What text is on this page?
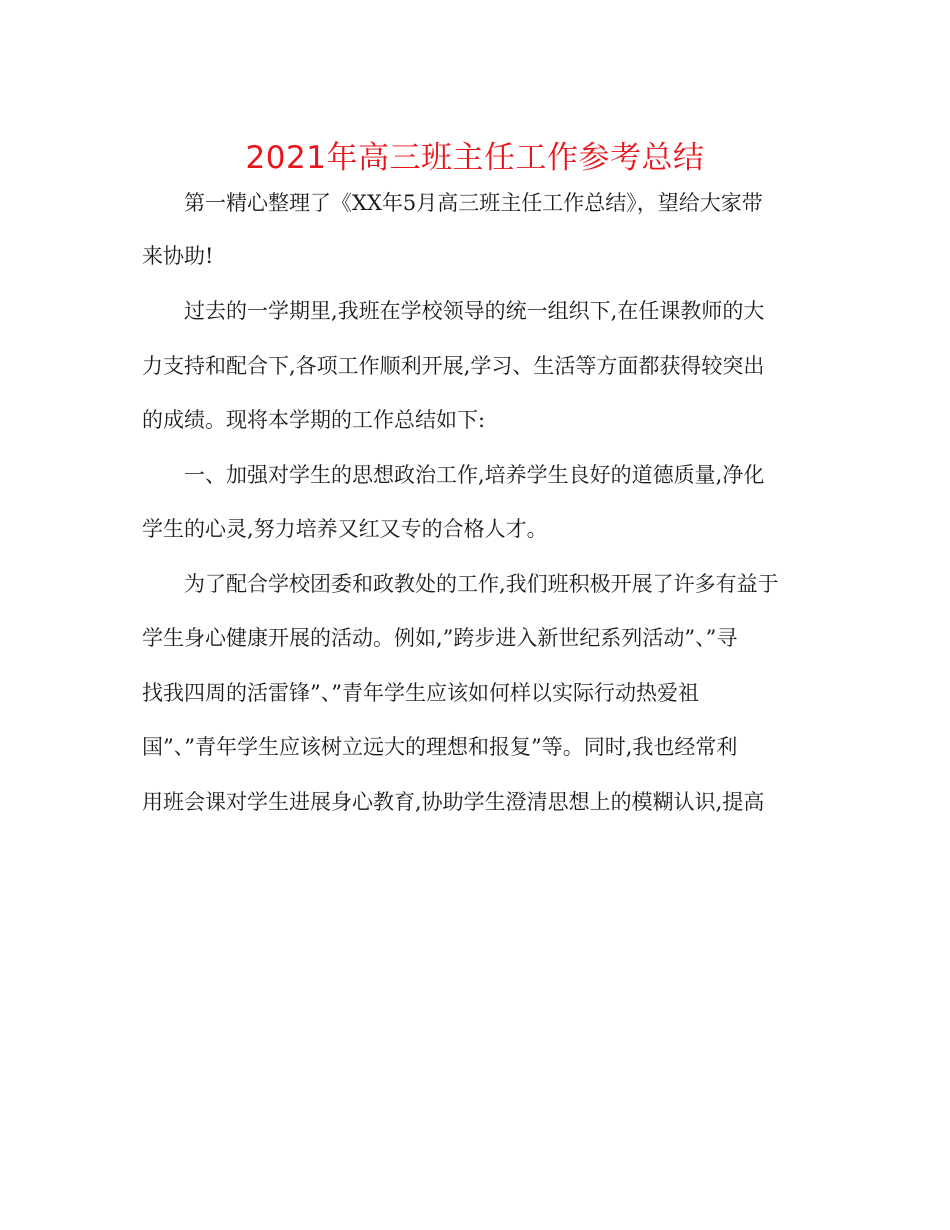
2021年高三班主任工作参考总结
第一精心整理了《XX年5月高三班主任工作总结》，望给大家带
来协助!
过去的一学期里,我班在学校领导的统一组织下,在任课教师的大
力支持和配合下,各项工作顺利开展,学习、生活等方面都获得较突出
的成绩。现将本学期的工作总结如下:
一、加强对学生的思想政治工作,培养学生良好的道德质量,净化
学生的心灵,努力培养又红又专的合格人才。
为了配合学校团委和政教处的工作,我们班积极开展了许多有益于
学生身心健康开展的活动。例如,”跨步进入新世纪系列活动”、”寻
找我四周的活雷锋”、”青年学生应该如何样以实际行动热爱祖
国”、”青年学生应该树立远大的理想和报复”等。同时,我也经常利
用班会课对学生进展身心教育,协助学生澄清思想上的模糊认识,提高
